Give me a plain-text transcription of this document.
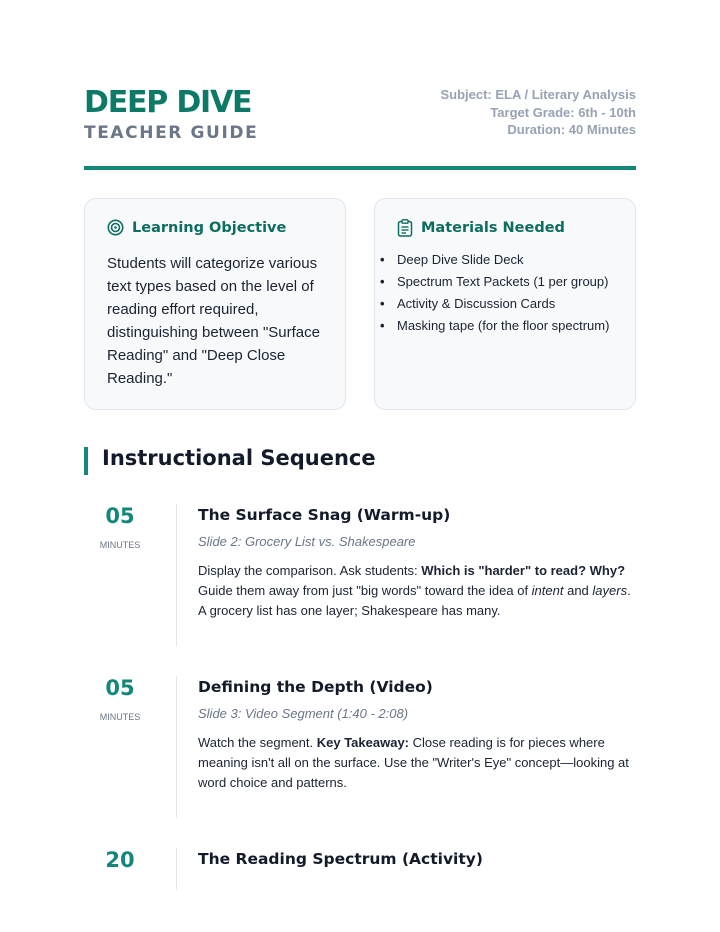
DEEP DIVE
TEACHER GUIDE
Subject: ELA / Literary Analysis
Target Grade: 6th - 10th
Duration: 40 Minutes
Learning Objective
Students will categorize various text types based on the level of reading effort required, distinguishing between "Surface Reading" and "Deep Close Reading."
Materials Needed
• Deep Dive Slide Deck
• Spectrum Text Packets (1 per group)
• Activity & Discussion Cards
• Masking tape (for the floor spectrum)
Instructional Sequence
05
MINUTES
The Surface Snag (Warm-up)
Slide 2: Grocery List vs. Shakespeare
Display the comparison. Ask students: Which is "harder" to read? Why? Guide them away from just "big words" toward the idea of intent and layers. A grocery list has one layer; Shakespeare has many.
05
MINUTES
Defining the Depth (Video)
Slide 3: Video Segment (1:40 - 2:08)
Watch the segment. Key Takeaway: Close reading is for pieces where meaning isn't all on the surface. Use the "Writer's Eye" concept—looking at word choice and patterns.
20	The Reading Spectrum (Activity)
